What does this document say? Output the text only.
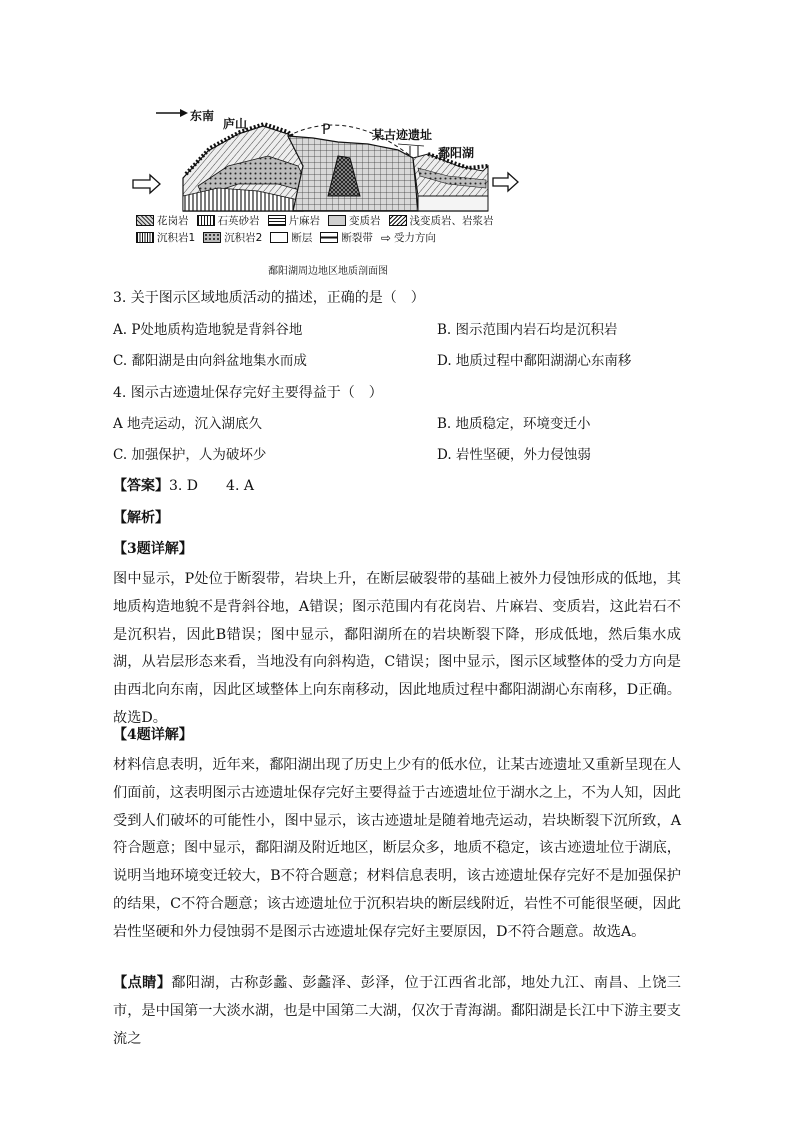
东南
庐山	P	某古迹遗址
鄱阳湖
花岗岩	石英砂岩	片麻岩	变质岩	浅变质岩、岩浆岩
沉积岩1	沉积岩2	断层	断裂带 ⇨ 受力方向
鄱阳湖周边地区地质剖面图
3. 关于图示区域地质活动的描述，正确的是（　）
A. P处地质构造地貌是背斜谷地	B. 图示范围内岩石均是沉积岩
C. 鄱阳湖是由向斜盆地集水而成	D. 地质过程中鄱阳湖湖心东南移
4. 图示古迹遗址保存完好主要得益于（　）
A 地壳运动，沉入湖底久	B. 地质稳定，环境变迁小
C. 加强保护，人为破坏少	D. 岩性坚硬，外力侵蚀弱
【答案】3. D　　4. A
【解析】
【3题详解】
图中显示，P处位于断裂带，岩块上升，在断层破裂带的基础上被外力侵蚀形成的低地，其地质构造地貌不是背斜谷地，A错误；图示范围内有花岗岩、片麻岩、变质岩，这此岩石不是沉积岩，因此B错误；图中显示，鄱阳湖所在的岩块断裂下降，形成低地，然后集水成湖，从岩层形态来看，当地没有向斜构造，C错误；图中显示，图示区域整体的受力方向是由西北向东南，因此区域整体上向东南移动，因此地质过程中鄱阳湖湖心东南移，D正确。故选D。
【4题详解】
材料信息表明，近年来，鄱阳湖出现了历史上少有的低水位，让某古迹遗址又重新呈现在人们面前，这表明图示古迹遗址保存完好主要得益于古迹遗址位于湖水之上，不为人知，因此受到人们破坏的可能性小，图中显示，该古迹遗址是随着地壳运动，岩块断裂下沉所致，A符合题意；图中显示，鄱阳湖及附近地区，断层众多，地质不稳定，该古迹遗址位于湖底，说明当地环境变迁较大，B不符合题意；材料信息表明，该古迹遗址保存完好不是加强保护的结果，C不符合题意；该古迹遗址位于沉积岩块的断层线附近，岩性不可能很坚硬，因此岩性坚硬和外力侵蚀弱不是图示古迹遗址保存完好主要原因，D不符合题意。故选A。
【点睛】鄱阳湖，古称彭蠡、彭蠡泽、彭泽，位于江西省北部，地处九江、南昌、上饶三市，是中国第一大淡水湖，也是中国第二大湖，仅次于青海湖。鄱阳湖是长江中下游主要支流之
